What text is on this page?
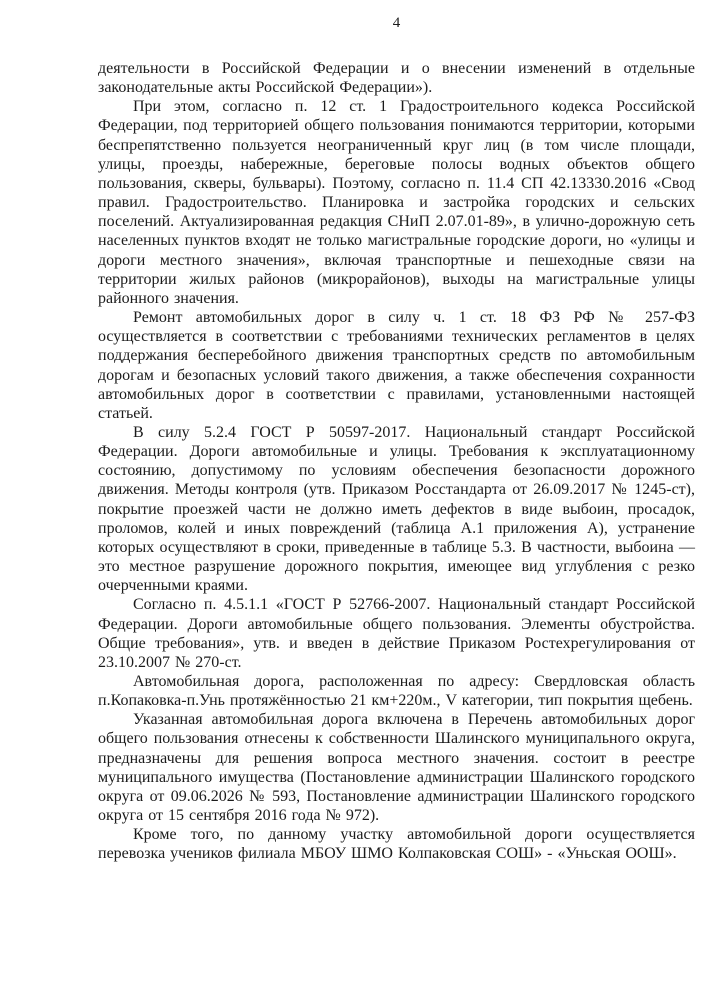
4

деятельности в Российской Федерации и о внесении изменений в отдельные законодательные акты Российской Федерации»).

При этом, согласно п. 12 ст. 1 Градостроительного кодекса Российской Федерации, под территорией общего пользования понимаются территории, которыми беспрепятственно пользуется неограниченный круг лиц (в том числе площади, улицы, проезды, набережные, береговые полосы водных объектов общего пользования, скверы, бульвары). Поэтому, согласно п. 11.4 СП 42.13330.2016 «Свод правил. Градостроительство. Планировка и застройка городских и сельских поселений. Актуализированная редакция СНиП 2.07.01-89», в улично-дорожную сеть населенных пунктов входят не только магистральные городские дороги, но «улицы и дороги местного значения», включая транспортные и пешеходные связи на территории жилых районов (микрорайонов), выходы на магистральные улицы районного значения.

Ремонт автомобильных дорог в силу ч. 1 ст. 18 ФЗ РФ № 257-ФЗ осуществляется в соответствии с требованиями технических регламентов в целях поддержания бесперебойного движения транспортных средств по автомобильным дорогам и безопасных условий такого движения, а также обеспечения сохранности автомобильных дорог в соответствии с правилами, установленными настоящей статьей.

В силу 5.2.4 ГОСТ Р 50597-2017. Национальный стандарт Российской Федерации. Дороги автомобильные и улицы. Требования к эксплуатационному состоянию, допустимому по условиям обеспечения безопасности дорожного движения. Методы контроля (утв. Приказом Росстандарта от 26.09.2017 № 1245-ст), покрытие проезжей части не должно иметь дефектов в виде выбоин, просадок, проломов, колей и иных повреждений (таблица А.1 приложения А), устранение которых осуществляют в сроки, приведенные в таблице 5.3. В частности, выбоина — это местное разрушение дорожного покрытия, имеющее вид углубления с резко очерченными краями.

Согласно п. 4.5.1.1 «ГОСТ Р 52766-2007. Национальный стандарт Российской Федерации. Дороги автомобильные общего пользования. Элементы обустройства. Общие требования», утв. и введен в действие Приказом Ростехрегулирования от 23.10.2007 № 270-ст.

Автомобильная дорога, расположенная по адресу: Свердловская область п.Копаковка-п.Унь протяжённостью 21 км+220м., V категории, тип покрытия щебень.

Указанная автомобильная дорога включена в Перечень автомобильных дорог общего пользования отнесены к собственности Шалинского муниципального округа, предназначены для решения вопроса местного значения. состоит в реестре муниципального имущества (Постановление администрации Шалинского городского округа от 09.06.2026 № 593, Постановление администрации Шалинского городского округа от 15 сентября 2016 года № 972).

Кроме того, по данному участку автомобильной дороги осуществляется перевозка учеников филиала МБОУ ШМО Колпаковская СОШ» - «Уньская ООШ».
